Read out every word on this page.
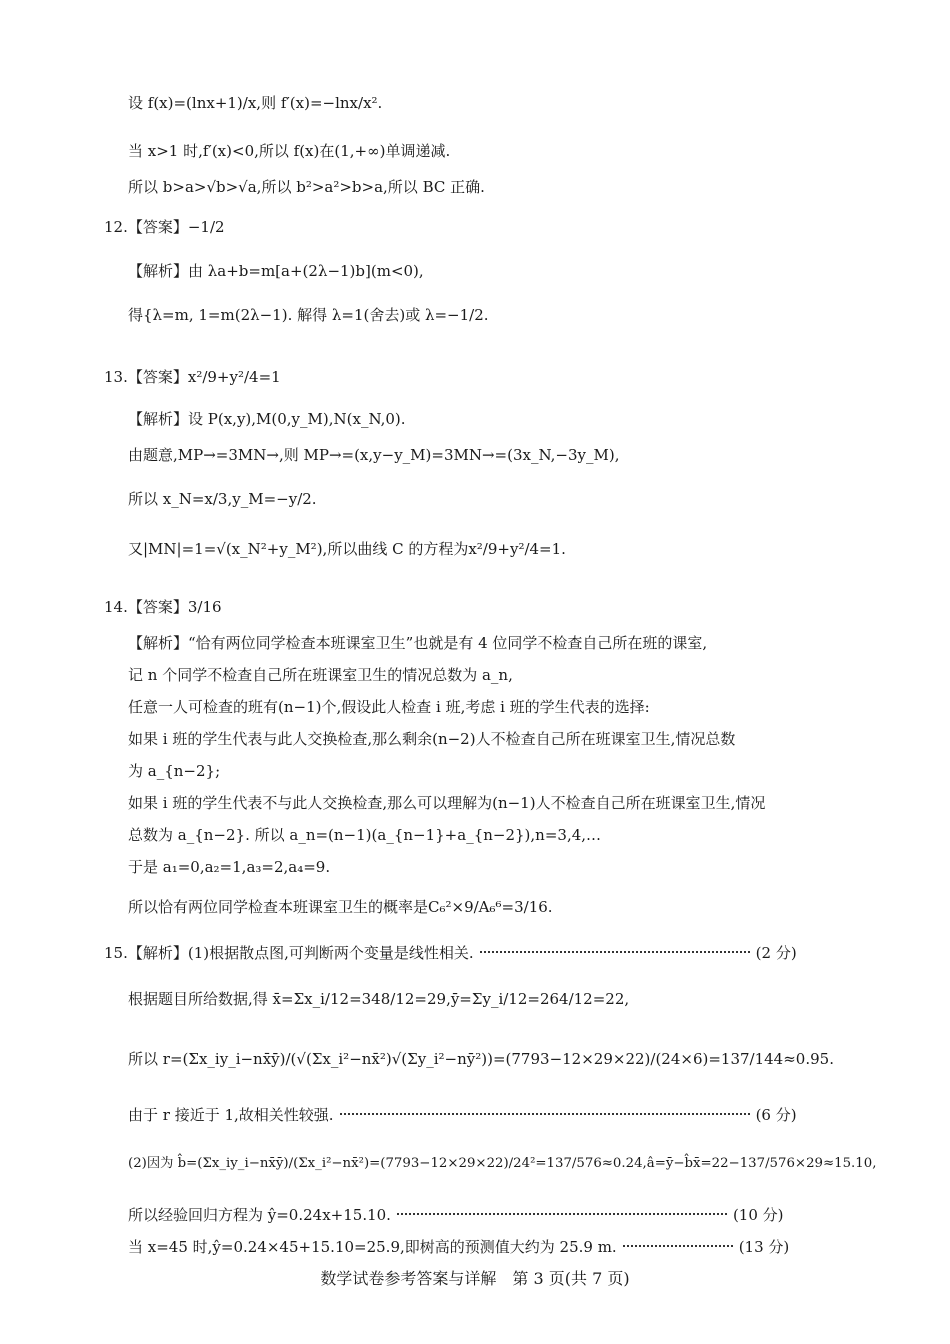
设 f(x)=(lnx+1)/x,则 f′(x)=−lnx/x².
当 x>1 时,f′(x)<0,所以 f(x)在(1,+∞)单调递减.
所以 b>a>√b>√a,所以 b²>a²>b>a,所以 BC 正确.
12.【答案】−1/2
【解析】由 λa+b=m[a+(2λ−1)b](m<0),
得{λ=m, 1=m(2λ−1). 解得 λ=1(舍去)或 λ=−1/2.
13.【答案】x²/9+y²/4=1
【解析】设 P(x,y),M(0,y_M),N(x_N,0).
由题意,MP→=3MN→,则 MP→=(x,y−y_M)=3MN→=(3x_N,−3y_M),
所以 x_N=x/3,y_M=−y/2.
又|MN|=1=√(x_N²+y_M²),所以曲线 C 的方程为x²/9+y²/4=1.
14.【答案】3/16
【解析】“恰有两位同学检查本班课室卫生”也就是有 4 位同学不检查自己所在班的课室,
记 n 个同学不检查自己所在班课室卫生的情况总数为 a_n,
任意一人可检查的班有(n−1)个,假设此人检查 i 班,考虑 i 班的学生代表的选择:
如果 i 班的学生代表与此人交换检查,那么剩余(n−2)人不检查自己所在班课室卫生,情况总数
为 a_{n−2};
如果 i 班的学生代表不与此人交换检查,那么可以理解为(n−1)人不检查自己所在班课室卫生,情况
总数为 a_{n−2}. 所以 a_n=(n−1)(a_{n−1}+a_{n−2}),n=3,4,…
于是 a₁=0,a₂=1,a₃=2,a₄=9.
所以恰有两位同学检查本班课室卫生的概率是C₆²×9/A₆⁶=3/16.
15.【解析】(1)根据散点图,可判断两个变量是线性相关.	(2 分)
根据题目所给数据,得 x̄=Σx_i/12=348/12=29,ȳ=Σy_i/12=264/12=22,
所以 r=(Σx_iy_i−nx̄ȳ)/(√(Σx_i²−nx̄²)√(Σy_i²−nȳ²))=(7793−12×29×22)/(24×6)=137/144≈0.95.
由于 r 接近于 1,故相关性较强.	(6 分)
(2)因为 b̂=(Σx_iy_i−nx̄ȳ)/(Σx_i²−nx̄²)=(7793−12×29×22)/24²=137/576≈0.24,â=ȳ−b̂x̄=22−137/576×29≈15.10,
所以经验回归方程为 ŷ=0.24x+15.10.	(10 分)
当 x=45 时,ŷ=0.24×45+15.10=25.9,即树高的预测值大约为 25.9 m.	(13 分)
数学试卷参考答案与详解　第 3 页(共 7 页)
